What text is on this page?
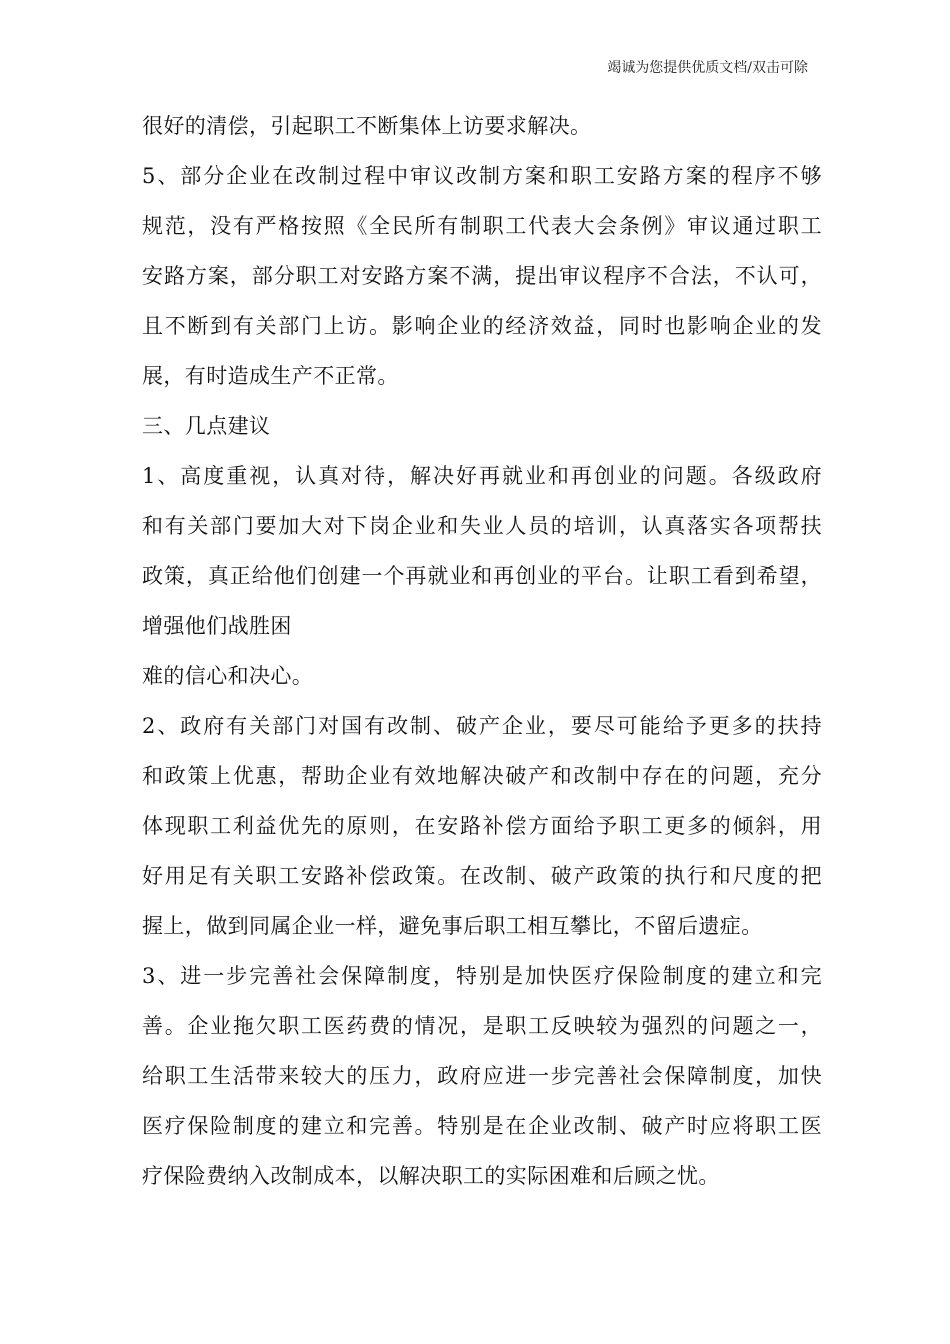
竭诚为您提供优质文档/双击可除
很好的清偿，引起职工不断集体上访要求解决。
5、部分企业在改制过程中审议改制方案和职工安路方案的程序不够
规范，没有严格按照《全民所有制职工代表大会条例》审议通过职工
安路方案，部分职工对安路方案不满，提出审议程序不合法，不认可，
且不断到有关部门上访。影响企业的经济效益，同时也影响企业的发
展，有时造成生产不正常。
三、几点建议
1、高度重视，认真对待，解决好再就业和再创业的问题。各级政府
和有关部门要加大对下岗企业和失业人员的培训，认真落实各项帮扶
政策，真正给他们创建一个再就业和再创业的平台。让职工看到希望，
增强他们战胜困
难的信心和决心。
2、政府有关部门对国有改制、破产企业，要尽可能给予更多的扶持
和政策上优惠，帮助企业有效地解决破产和改制中存在的问题，充分
体现职工利益优先的原则，在安路补偿方面给予职工更多的倾斜，用
好用足有关职工安路补偿政策。在改制、破产政策的执行和尺度的把
握上，做到同属企业一样，避免事后职工相互攀比，不留后遗症。
3、进一步完善社会保障制度，特别是加快医疗保险制度的建立和完
善。企业拖欠职工医药费的情况，是职工反映较为强烈的问题之一，
给职工生活带来较大的压力，政府应进一步完善社会保障制度，加快
医疗保险制度的建立和完善。特别是在企业改制、破产时应将职工医
疗保险费纳入改制成本，以解决职工的实际困难和后顾之忧。
